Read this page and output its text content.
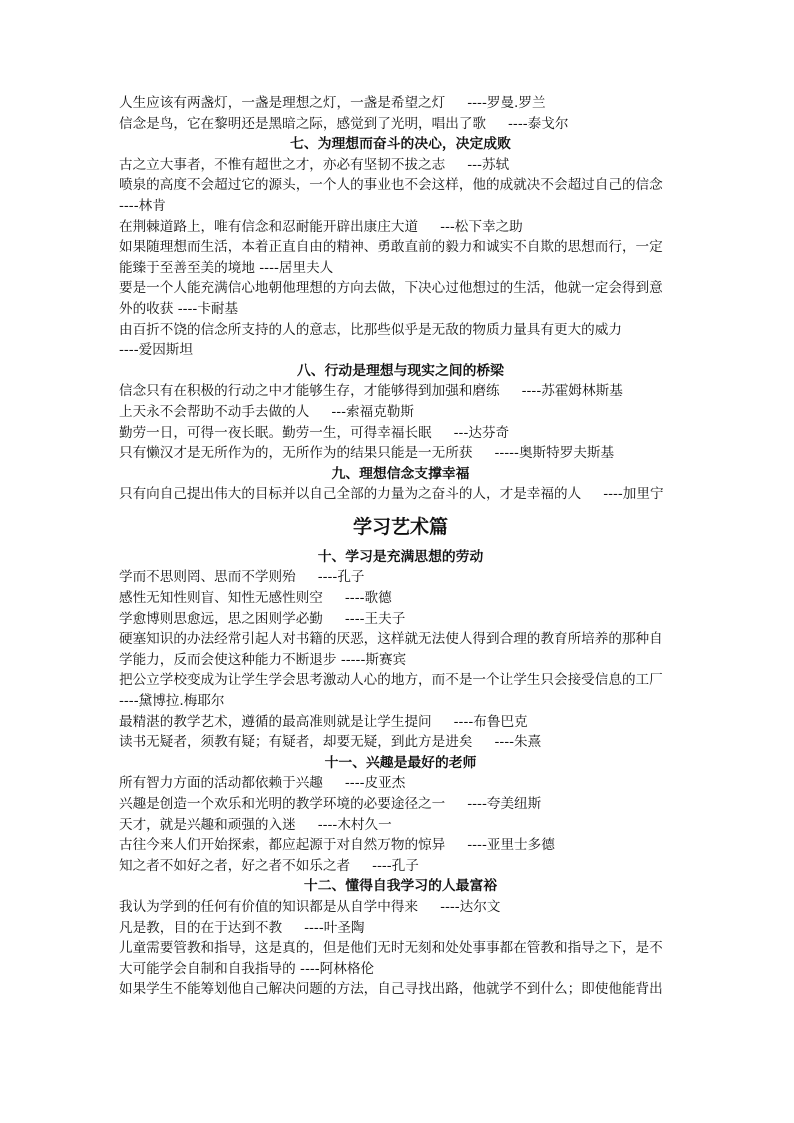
人生应该有两盏灯，一盏是理想之灯，一盏是希望之灯 ----罗曼.罗兰
信念是鸟，它在黎明还是黑暗之际，感觉到了光明，唱出了歌 ----泰戈尔
七、为理想而奋斗的决心，决定成败
古之立大事者，不惟有超世之才，亦必有坚韧不拔之志 ---苏轼
喷泉的高度不会超过它的源头，一个人的事业也不会这样，他的成就决不会超过自己的信念
----林肯
在荆棘道路上，唯有信念和忍耐能开辟出康庄大道 ---松下幸之助
如果随理想而生活，本着正直自由的精神、勇敢直前的毅力和诚实不自欺的思想而行，一定
能臻于至善至美的境地 ----居里夫人
要是一个人能充满信心地朝他理想的方向去做，下决心过他想过的生活，他就一定会得到意
外的收获 ----卡耐基
由百折不饶的信念所支持的人的意志，比那些似乎是无敌的物质力量具有更大的威力
----爱因斯坦
八、行动是理想与现实之间的桥梁
信念只有在积极的行动之中才能够生存，才能够得到加强和磨练 ----苏霍姆林斯基
上天永不会帮助不动手去做的人 ---索福克勒斯
勤劳一日，可得一夜长眠。勤劳一生，可得幸福长眠 ---达芬奇
只有懒汉才是无所作为的，无所作为的结果只能是一无所获 -----奥斯特罗夫斯基
九、理想信念支撑幸福
只有向自己提出伟大的目标并以自己全部的力量为之奋斗的人，才是幸福的人 ----加里宁
学习艺术篇
十、学习是充满思想的劳动
学而不思则罔、思而不学则殆 ----孔子
感性无知性则盲、知性无感性则空 ----歌德
学愈博则思愈远，思之困则学必勤 ----王夫子
硬塞知识的办法经常引起人对书籍的厌恶，这样就无法使人得到合理的教育所培养的那种自
学能力，反而会使这种能力不断退步 -----斯赛宾
把公立学校变成为让学生学会思考激动人心的地方，而不是一个让学生只会接受信息的工厂
----黛博拉.梅耶尔
最精湛的教学艺术，遵循的最高准则就是让学生提问 ----布鲁巴克
读书无疑者，须教有疑；有疑者，却要无疑，到此方是进矣 ----朱熹
十一、兴趣是最好的老师
所有智力方面的活动都依赖于兴趣 ----皮亚杰
兴趣是创造一个欢乐和光明的教学环境的必要途径之一 ----夸美纽斯
天才，就是兴趣和顽强的入迷 ----木村久一
古往今来人们开始探索，都应起源于对自然万物的惊异 ----亚里士多德
知之者不如好之者，好之者不如乐之者 ----孔子
十二、懂得自我学习的人最富裕
我认为学到的任何有价值的知识都是从自学中得来 ----达尔文
凡是教，目的在于达到不教 ----叶圣陶
儿童需要管教和指导，这是真的，但是他们无时无刻和处处事事都在管教和指导之下，是不
大可能学会自制和自我指导的 ----阿林格伦
如果学生不能筹划他自己解决问题的方法，自己寻找出路，他就学不到什么；即使他能背出
